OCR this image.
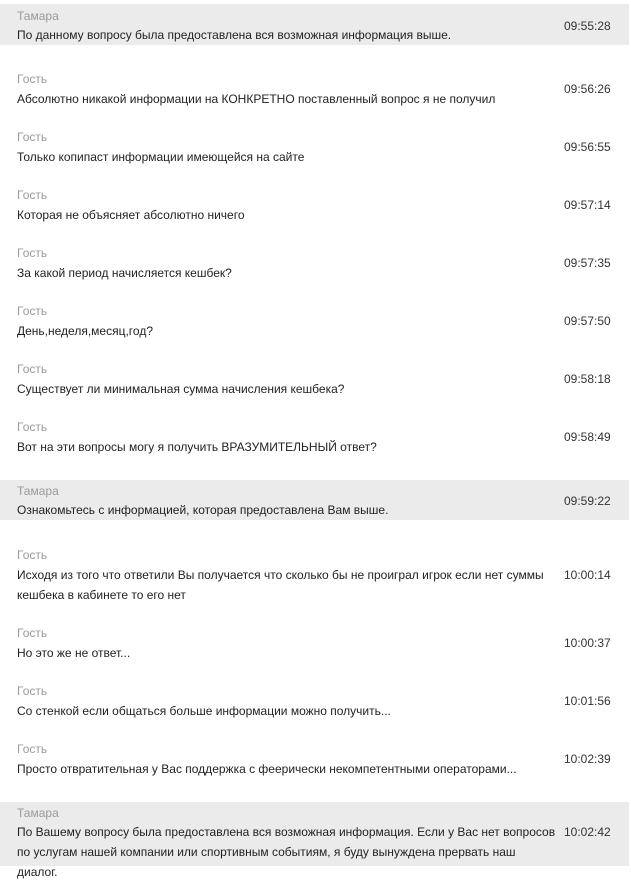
Тамара
По данному вопросу была предоставлена вся возможная информация выше.
09:55:28
Гость
Абсолютно никакой информации на КОНКРЕТНО поставленный вопрос я не получил
09:56:26
Гость
Только копипаст информации имеющейся на сайте
09:56:55
Гость
Которая не объясняет абсолютно ничего
09:57:14
Гость
За какой период начисляется кешбек?
09:57:35
Гость
День,неделя,месяц,год?
09:57:50
Гость
Существует ли минимальная сумма начисления кешбека?
09:58:18
Гость
Вот на эти вопросы могу я получить ВРАЗУМИТЕЛЬНЫЙ ответ?
09:58:49
Тамара
Ознакомьтесь с информацией, которая предоставлена Вам выше.
09:59:22
Гость
Исходя из того что ответили Вы получается что сколько бы не проиграл игрок если нет суммы кешбека в кабинете то его нет
10:00:14
Гость
Но это же не ответ...
10:00:37
Гость
Со стенкой если общаться больше информации можно получить...
10:01:56
Гость
Просто отвратительная у Вас поддержка с феерически некомпетентными операторами...
10:02:39
Тамара
По Вашему вопросу была предоставлена вся возможная информация. Если у Вас нет вопросов по услугам нашей компании или спортивным событиям, я буду вынуждена прервать наш диалог.
10:02:42
